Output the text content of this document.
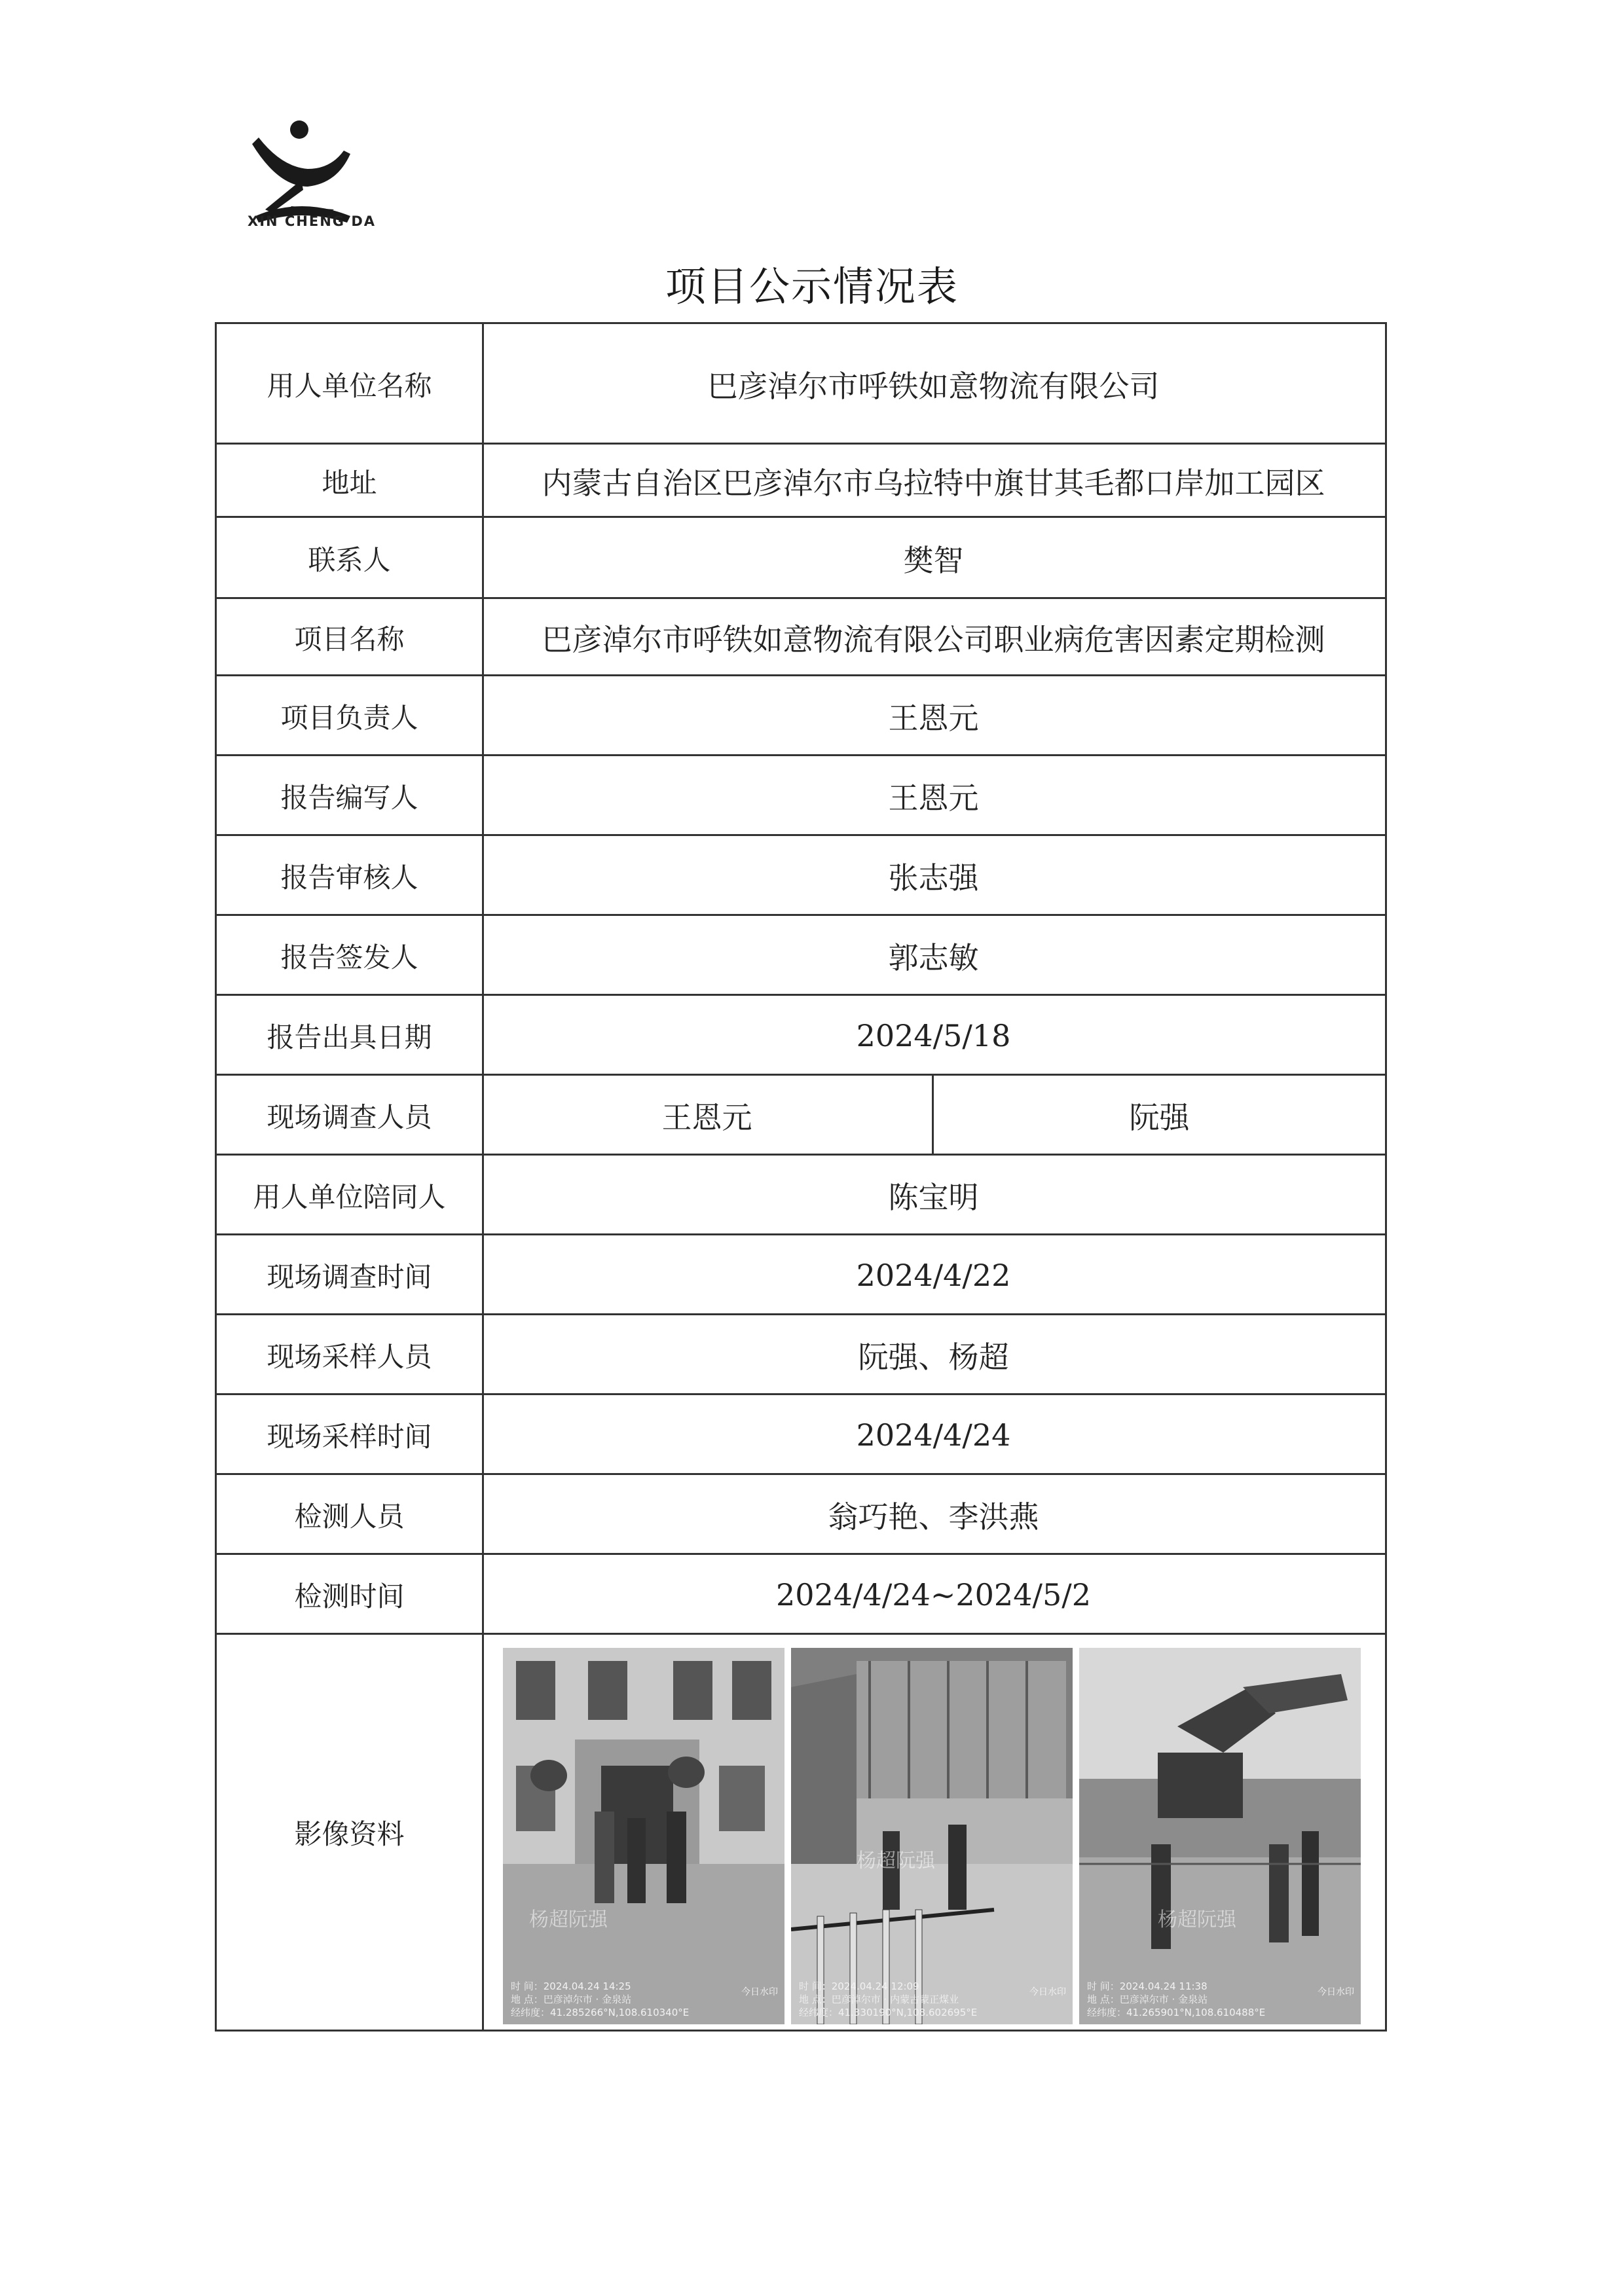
XIN CHENG DA
项目公示情况表
用人单位名称	巴彦淖尔市呼铁如意物流有限公司
地址	内蒙古自治区巴彦淖尔市乌拉特中旗甘其毛都口岸加工园区
联系人	樊智
项目名称	巴彦淖尔市呼铁如意物流有限公司职业病危害因素定期检测
项目负责人	王恩元
报告编写人	王恩元
报告审核人	张志强
报告签发人	郭志敏
报告出具日期	2024/5/18
现场调查人员	王恩元	阮强
用人单位陪同人	陈宝明
现场调查时间	2024/4/22
现场采样人员	阮强、杨超
现场采样时间	2024/4/24
检测人员	翁巧艳、李洪燕
检测时间	2024/4/24~2024/5/2
影像资料
杨超阮强
今日水印
时 间：2024.04.24 14:25
地 点：巴彦淖尔市 · 金泉站
经纬度：41.285266°N,108.610340°E
杨超阮强
今日水印
时 间：2024.04.24 12:09
地 点：巴彦淖尔市 · 内蒙古蒙正煤业
经纬度：41.330190°N,108.602695°E
杨超阮强
今日水印
时 间：2024.04.24 11:38
地 点：巴彦淖尔市 · 金泉站
经纬度：41.265901°N,108.610488°E
